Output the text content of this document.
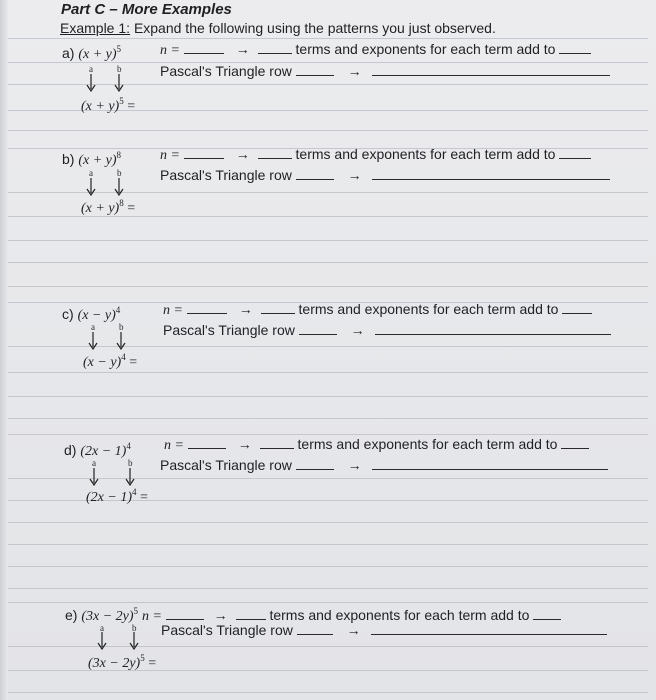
Part C – More Examples
Example 1: Expand the following using the patterns you just observed.
a) $(x + y)^5$	n =	→	terms and exponents for each term add to
Pascal's Triangle row	→
a	b
$(x + y)^5$ =
b) $(x + y)^8$	n =	→	terms and exponents for each term add to
Pascal's Triangle row	→
a	b
$(x + y)^8$ =
c) $(x - y)^4$	n =	→	terms and exponents for each term add to
Pascal's Triangle row	→
a	b
$(x - y)^4$ =
d) $(2x - 1)^4$ n =	→	terms and exponents for each term add to
Pascal's Triangle row	→
a	b
$(2x - 1)^4$ =
e) $(3x - 2y)^5$ n =	→	terms and exponents for each term add to
Pascal's Triangle row	→
a	b
$(3x - 2y)^5$ =
